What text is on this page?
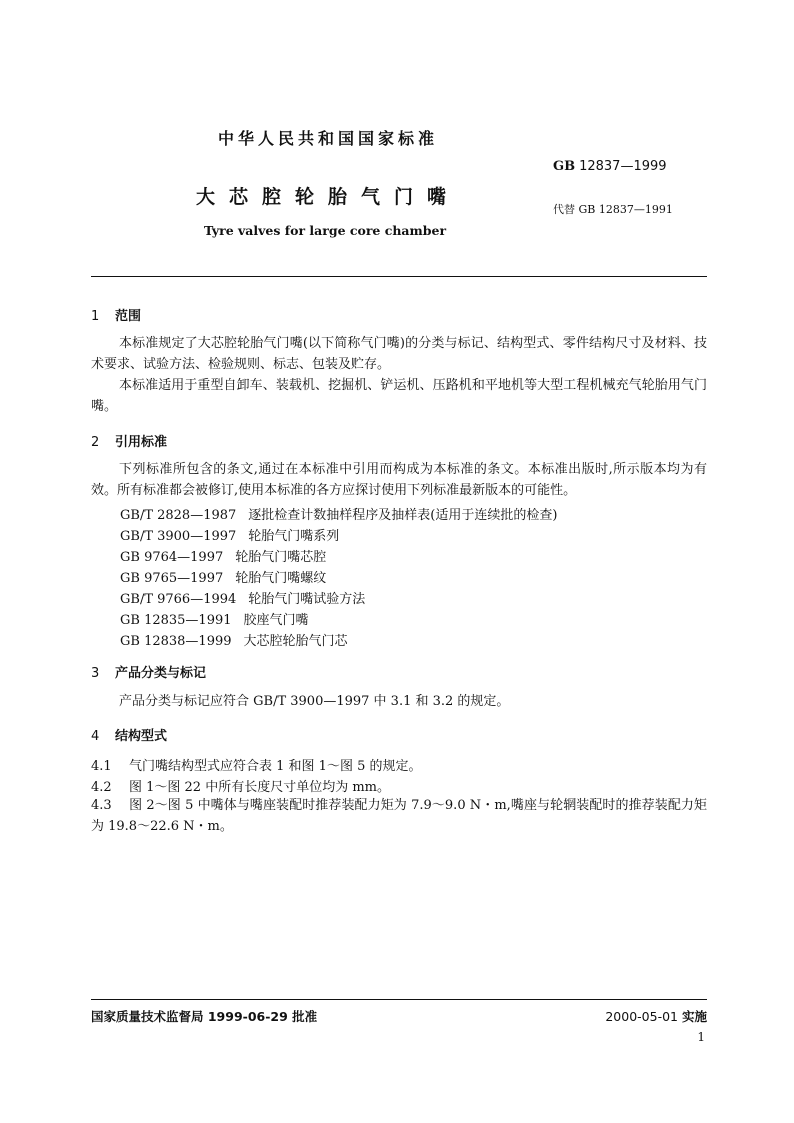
中华人民共和国国家标准
GB 12837—1999
大芯腔轮胎气门嘴
代替 GB 12837—1991
Tyre valves for large core chamber
1 范围
本标准规定了大芯腔轮胎气门嘴(以下简称气门嘴)的分类与标记、结构型式、零件结构尺寸及材料、技术要求、试验方法、检验规则、标志、包装及贮存。
本标准适用于重型自卸车、装载机、挖掘机、铲运机、压路机和平地机等大型工程机械充气轮胎用气门嘴。
2 引用标准
下列标准所包含的条文,通过在本标准中引用而构成为本标准的条文。本标准出版时,所示版本均为有效。所有标准都会被修订,使用本标准的各方应探讨使用下列标准最新版本的可能性。
GB/T 2828—1987 逐批检查计数抽样程序及抽样表(适用于连续批的检查)
GB/T 3900—1997 轮胎气门嘴系列
GB 9764—1997 轮胎气门嘴芯腔
GB 9765—1997 轮胎气门嘴螺纹
GB/T 9766—1994 轮胎气门嘴试验方法
GB 12835—1991 胶座气门嘴
GB 12838—1999 大芯腔轮胎气门芯
3 产品分类与标记
产品分类与标记应符合 GB/T 3900—1997 中 3.1 和 3.2 的规定。
4 结构型式
4.1 气门嘴结构型式应符合表 1 和图 1～图 5 的规定。
4.2 图 1～图 22 中所有长度尺寸单位均为 mm。
4.3 图 2～图 5 中嘴体与嘴座装配时推荐装配力矩为 7.9～9.0 N・m,嘴座与轮辋装配时的推荐装配力矩为 19.8～22.6 N・m。
国家质量技术监督局 1999-06-29 批准	2000-05-01 实施
1
